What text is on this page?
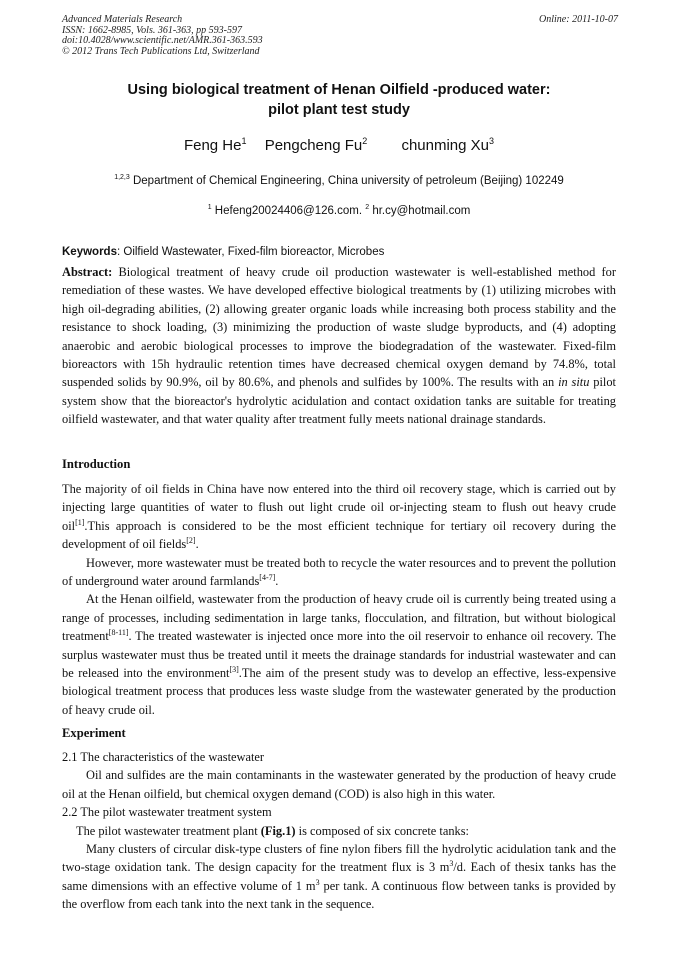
Advanced Materials Research
ISSN: 1662-8985, Vols. 361-363, pp 593-597
doi:10.4028/www.scientific.net/AMR.361-363.593
© 2012 Trans Tech Publications Ltd, Switzerland
Online: 2011-10-07
Using biological treatment of Henan Oilfield -produced water:
pilot plant test study
Feng He$^1$ Pengcheng Fu$^2$ chunming Xu$^3$
$^{1,2,3}$ Department of Chemical Engineering, China university of petroleum (Beijing) 102249
$^1$ Hefeng20024406@126.com. $^2$ hr.cy@hotmail.com
Keywords: Oilfield Wastewater, Fixed-film bioreactor, Microbes
Abstract: Biological treatment of heavy crude oil production wastewater is well-established method for remediation of these wastes. We have developed effective biological treatments by (1) utilizing microbes with high oil-degrading abilities, (2) allowing greater organic loads while increasing both process stability and the resistance to shock loading, (3) minimizing the production of waste sludge byproducts, and (4) adopting anaerobic and aerobic biological processes to improve the biodegradation of the wastewater. Fixed-film bioreactors with 15h hydraulic retention times have decreased chemical oxygen demand by 74.8%, total suspended solids by 90.9%, oil by 80.6%, and phenols and sulfides by 100%. The results with an in situ pilot system show that the bioreactor's hydrolytic acidulation and contact oxidation tanks are suitable for treating oilfield wastewater, and that water quality after treatment fully meets national drainage standards.
Introduction

The majority of oil fields in China have now entered into the third oil recovery stage, which is carried out by injecting large quantities of water to flush out light crude oil or-injecting steam to flush out heavy crude oil[1].This approach is considered to be the most efficient technique for tertiary oil recovery during the development of oil fields[2].

However, more wastewater must be treated both to recycle the water resources and to prevent the pollution of underground water around farmlands[4-7].

At the Henan oilfield, wastewater from the production of heavy crude oil is currently being treated using a range of processes, including sedimentation in large tanks, flocculation, and filtration, but without biological treatment[8-11]. The treated wastewater is injected once more into the oil reservoir to enhance oil recovery. The surplus wastewater must thus be treated until it meets the drainage standards for industrial wastewater and can be released into the environment[3].The aim of the present study was to develop an effective, less-expensive biological treatment process that produces less waste sludge from the wastewater generated by the production of heavy crude oil.

Experiment

2.1 The characteristics of the wastewater

Oil and sulfides are the main contaminants in the wastewater generated by the production of heavy crude oil at the Henan oilfield, but chemical oxygen demand (COD) is also high in this water.

2.2 The pilot wastewater treatment system

The pilot wastewater treatment plant (Fig.1) is composed of six concrete tanks:

Many clusters of circular disk-type clusters of fine nylon fibers fill the hydrolytic acidulation tank and the two-stage oxidation tank. The design capacity for the treatment flux is 3 m$^3$/d. Each of thesix tanks has the same dimensions with an effective volume of 1 m$^3$ per tank. A continuous flow between tanks is provided by the overflow from each tank into the next tank in the sequence.
